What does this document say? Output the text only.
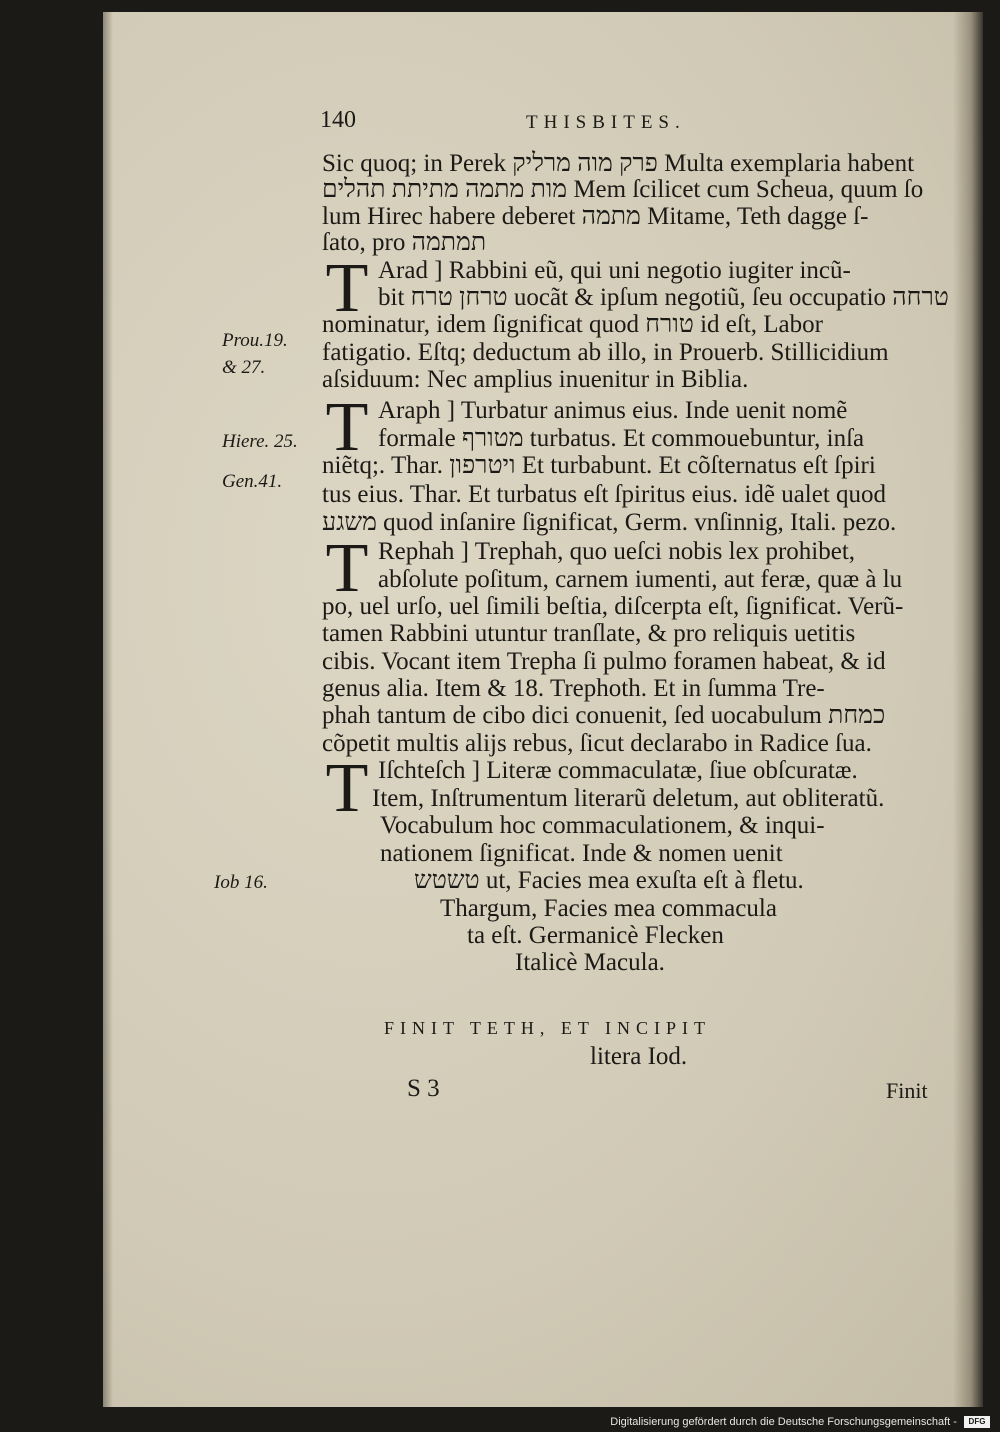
140	THISBITES.
Sic quoq; in Perek פרק מוה מרליק Multa exemplaria habent
מות מתמה מתיתת תהלים Mem ſcilicet cum Scheua, quum ſo
lum Hirec habere deberet מתמה Mitame, Teth dagge ſ-
ſato, pro תמתמה
T Arad ] Rabbini eũ, qui uni negotio iugiter incũ-
bit טרחן טרח uocãt & ipſum negotiũ, ſeu occupatio טרחה
nominatur, idem ſignificat quod טורח id eſt, Labor
fatigatio. Eſtq; deductum ab illo, in Prouerb. Stillicidium
aſsiduum: Nec amplius inuenitur in Biblia.
T Araph ] Turbatur animus eius. Inde uenit nomẽ
formale מטורף turbatus. Et commouebuntur, inſa
niẽtq;. Thar. ויטרפון Et turbabunt. Et cõſternatus eſt ſpiri
tus eius. Thar. Et turbatus eſt ſpiritus eius. idẽ ualet quod
משגע quod inſanire ſignificat, Germ. vnſinnig, Itali. pezo.
T Rephah ] Trephah, quo ueſci nobis lex prohibet,
abſolute poſitum, carnem iumenti, aut feræ, quæ à lu
po, uel urſo, uel ſimili beſtia, diſcerpta eſt, ſignificat. Verũ-
tamen Rabbini utuntur tranſlate, & pro reliquis uetitis
cibis. Vocant item Trepha ſi pulmo foramen habeat, & id
genus alia. Item & 18. Trephoth. Et in ſumma Tre-
phah tantum de cibo dici conuenit, ſed uocabulum כמחת
cõpetit multis alijs rebus, ſicut declarabo in Radice ſua.
T Iſchteſch ] Literæ commaculatæ, ſiue obſcuratæ.
Item, Inſtrumentum literarũ deletum, aut obliteratũ.
Vocabulum hoc commaculationem, & inqui-
nationem ſignificat. Inde & nomen uenit
טשטש ut, Facies mea exuſta eſt à fletu.
Thargum, Facies mea commacula
ta eſt. Germanicè Flecken
Italicè Macula.
Prou.19.
& 27.
Hiere. 25.
Gen.41.
Iob 16.
FINIT TETH, ET INCIPIT
litera Iod.
S 3	Finit
Digitalisierung gefördert durch die Deutsche Forschungsgemeinschaft - DFG
